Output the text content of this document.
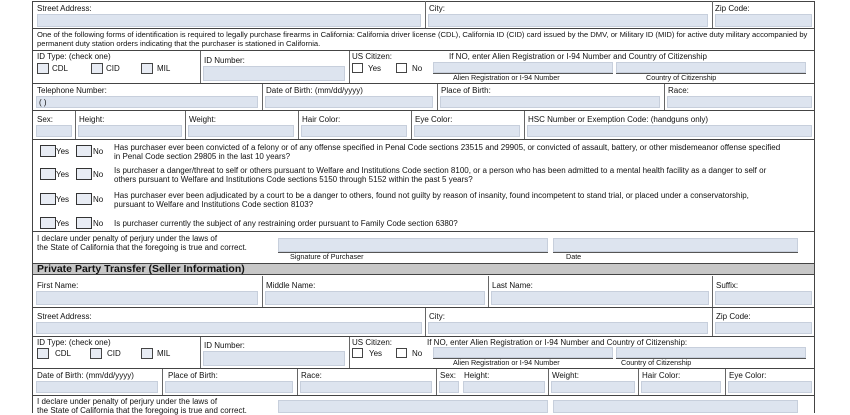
Street Address:	City:	Zip Code:
One of the following forms of identification is required to legally purchase firearms in California: California driver license (CDL), California ID (CID) card issued by the DMV, or Military ID (MID) for active duty military accompanied by permanent duty station orders indicating that the purchaser is stationed in California.
ID Type: (check one)
CDL	CID	MIL
ID Number:	US Citizen:
Yes	No
If NO, enter Alien Registration or I-94 Number and Country of Citizenship
Alien Registration or I-94 Number	Country of Citizenship
Telephone Number:
( )
Date of Birth: (mm/dd/yyyy)	Place of Birth:	Race:
Sex:	Height:	Weight:	Hair Color:	Eye Color:	HSC Number or Exemption Code: (handguns only)
Yes	No Has purchaser ever been convicted of a felony or of any offense specified in Penal Code sections 23515 and 29905, or convicted of assault, battery, or other misdemeanor offense specified
in Penal Code section 29805 in the last 10 years?
Yes	No Is purchaser a danger/threat to self or others pursuant to Welfare and Institutions Code section 8100, or a person who has been admitted to a mental health facility as a danger to self or
others pursuant to Welfare and Institutions Code sections 5150 through 5152 within the past 5 years?
Yes	No Has purchaser ever been adjudicated by a court to be a danger to others, found not guilty by reason of insanity, found incompetent to stand trial, or placed under a conservatorship,
pursuant to Welfare and Institutions Code section 8103?
Yes	No Is purchaser currently the subject of any restraining order pursuant to Family Code section 6380?
I declare under penalty of perjury under the laws of
the State of California that the foregoing is true and correct.
Signature of Purchaser	Date
Private Party Transfer (Seller Information)
First Name:	Middle Name:	Last Name:	Suffix:
Street Address:	City:	Zip Code:
ID Type: (check one)
CDL	CID	MIL
ID Number:	US Citizen:
Yes	No
If NO, enter Alien Registration or I-94 Number and Country of Citizenship:
Alien Registration or I-94 Number	Country of Citizenship
Date of Birth: (mm/dd/yyyy)	Place of Birth:	Race:	Sex: Height:	Weight:	Hair Color:	Eye Color:
I declare under penalty of perjury under the laws of
the State of California that the foregoing is true and correct.
